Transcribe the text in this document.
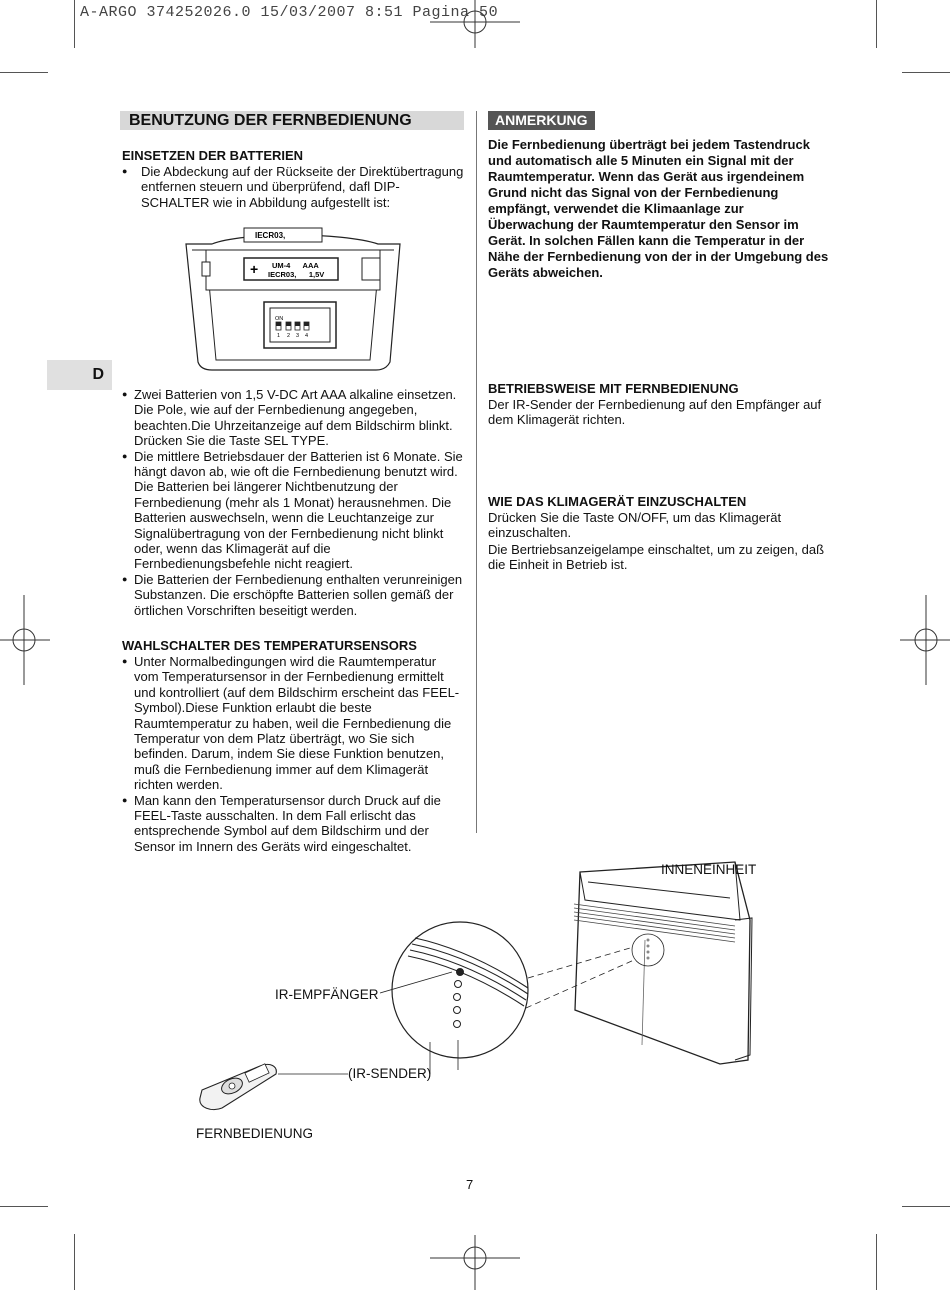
A-ARGO 374252026.0 15/03/2007 8:51 Pagina 50
BENUTZUNG DER FERNBEDIENUNG	ANMERKUNG
D
EINSETZEN DER BATTERIEN
● Die Abdeckung auf der Rückseite der Direktübertragung entfernen steuern und überprüfend, dafl DIP-SCHALTER wie in Abbildung aufgestellt ist:
IECR03,
+ UM-4      AAA
IECR03,      1,5V
ON
1 2 3 4
● Zwei Batterien von 1,5 V-DC Art AAA alkaline einsetzen. Die Pole, wie auf der Fernbedienung angegeben, beachten.Die Uhrzeitanzeige auf dem Bildschirm blinkt. Drücken Sie die Taste SEL TYPE.
● Die mittlere Betriebsdauer der Batterien ist 6 Monate. Sie hängt davon ab, wie oft die Fernbedienung benutzt wird. Die Batterien bei längerer Nichtbenutzung der Fernbedienung (mehr als 1 Monat) herausnehmen. Die Batterien auswechseln, wenn die Leuchtanzeige zur Signalübertragung von der Fernbedienung nicht blinkt oder, wenn das Klimagerät auf die Fernbedienungsbefehle nicht reagiert.
● Die Batterien der Fernbedienung enthalten verunreinigen Substanzen. Die erschöpfte Batterien sollen gemäß der örtlichen Vorschriften beseitigt werden.
WAHLSCHALTER DES TEMPERATURSENSORS
● Unter Normalbedingungen wird die Raumtemperatur vom Temperatursensor in der Fernbedienung ermittelt und kontrolliert (auf dem Bildschirm erscheint das FEEL-Symbol).Diese Funktion erlaubt die beste Raumtemperatur zu haben, weil die Fernbedienung die Temperatur von dem Platz überträgt, wo Sie sich befinden. Darum, indem Sie diese Funktion benutzen, muß die Fernbedienung immer auf dem Klimagerät richten werden.
● Man kann den Temperatursensor durch Druck auf die FEEL-Taste ausschalten. In dem Fall erlischt das entsprechende Symbol auf dem Bildschirm und der Sensor im Innern des Geräts wird eingeschaltet.
Die Fernbedienung überträgt bei jedem Tastendruck und automatisch alle 5 Minuten ein Signal mit der Raumtemperatur. Wenn das Gerät aus irgendeinem Grund nicht das Signal von der Fernbedienung empfängt, verwendet die Klimaanlage zur Überwachung der Raumtemperatur den Sensor im Gerät. In solchen Fällen kann die Temperatur in der Nähe der Fernbedienung von der in der Umgebung des Geräts abweichen.
BETRIEBSWEISE MIT FERNBEDIENUNG
Der IR-Sender der Fernbedienung auf den Empfänger auf dem Klimagerät richten.
WIE DAS KLIMAGERÄT EINZUSCHALTEN
Drücken Sie die Taste ON/OFF, um das Klimagerät einzuschalten.
Die Bertriebsanzeigelampe einschaltet, um zu zeigen, daß die Einheit in Betrieb ist.
INNENEINHEIT
IR-EMPFÄNGER
(IR-SENDER)
FERNBEDIENUNG
7
